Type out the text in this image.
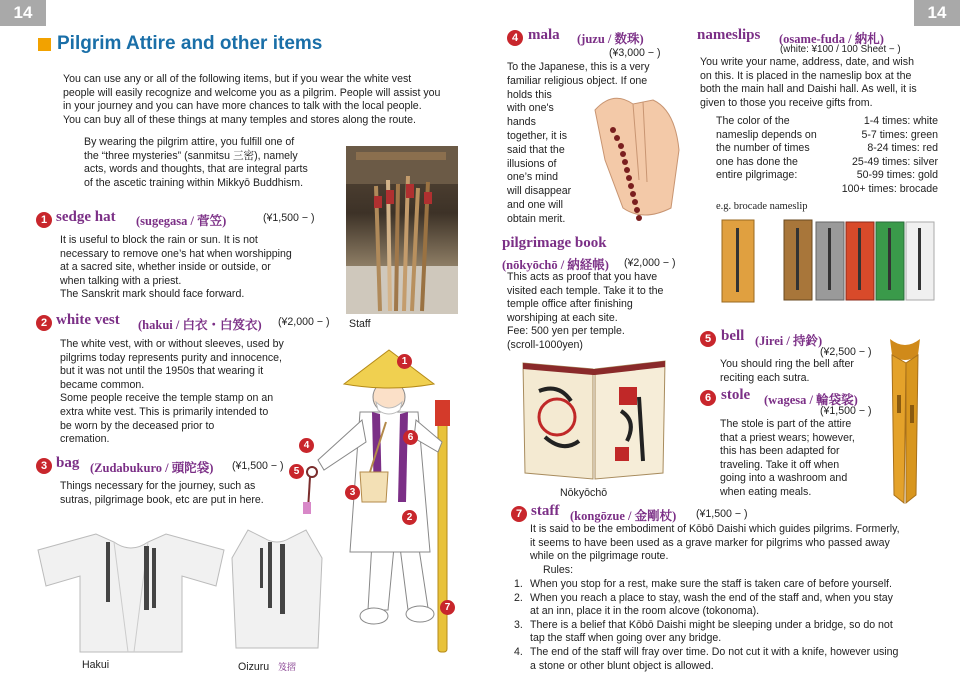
14	14
Pilgrim Attire and other items
You can use any or all of the following items, but if you wear the white vest
people will easily recognize and welcome you as a pilgrim. People will assist you
in your journey and you can have more chances to talk with the local people.
You can buy all of these things at many temples and stores along the route.
By wearing the pilgrim attire, you fulfill one of
the “three mysteries” (sanmitsu 三密), namely
acts, words and thoughts, that are integral parts
of the ascetic training within Mikkyō Buddhism.
Staff
1 sedge hat (sugegasa / 菅笠)	(¥1,500 − )
It is useful to block the rain or sun. It is not
necessary to remove one’s hat when worshipping
at a sacred site, whether inside or outside, or
when talking with a priest.
The Sanskrit mark should face forward.
2 white vest (hakui / 白衣・白笈衣) (¥2,000 − )
The white vest, with or without sleeves, used by
pilgrims today represents purity and innocence,
but it was not until the 1950s that wearing it
became common.
Some people receive the temple stamp on an
extra white vest. This is primarily intended to
be worn by the deceased prior to
cremation.
3 bag (Zudabukuro / 頭陀袋) (¥1,500 − )
Things necessary for the journey, such as
sutras, pilgrimage book, etc are put in here.
1
6
4
5
3
2
7
Hakui	Oizuru 笈摺
4 mala (juzu / 数珠)
(¥3,000 − )
To the Japanese, this is a very
familiar religious object. If one
holds this
with one's
hands
together, it is
said that the
illusions of
one’s mind
will disappear
and one will
obtain merit.
pilgrimage book
(nōkyōchō / 納経帳) (¥2,000 − )
This acts as proof that you have
visited each temple. Take it to the
temple office after finishing
worshiping at each site.
Fee: 500 yen per temple.
(scroll-1000yen)
Nōkyōchō
nameslips (osame-fuda / 納札)
(white: ¥100 / 100 Sheet − )
You write your name, address, date, and wish
on this. It is placed in the nameslip box at the
both the main hall and Daishi hall. As well, it is
given to those you receive gifts from.
The color of the
nameslip depends on
the number of times
one has done the
entire pilgrimage:
1-4 times: white
5-7 times: green
8-24 times: red
25-49 times: silver
50-99 times: gold
100+ times: brocade
e.g. brocade nameslip
5 bell (Jirei / 持鈴)
(¥2,500 − )
You should ring the bell after
reciting each sutra.
6 stole (wagesa / 輪袋裟)
(¥1,500 − )
The stole is part of the attire
that a priest wears; however,
this has been adapted for
traveling. Take it off when
going into a washroom and
when eating meals.
7 staff (kongōzue / 金剛杖) (¥1,500 − )
It is said to be the embodiment of Kōbō Daishi which guides pilgrims. Formerly,
it seems to have been used as a grave marker for pilgrims who passed away
while on the pilgrimage route.
Rules:
1.
2.

3.

4.
When you stop for a rest, make sure the staff is taken care of before yourself.
When you reach a place to stay, wash the end of the staff and, when you stay
at an inn, place it in the room alcove (tokonoma).
There is a belief that Kōbō Daishi might be sleeping under a bridge, so do not
tap the staff when going over any bridge.
The end of the staff will fray over time. Do not cut it with a knife, however using
a stone or other blunt object is allowed.
